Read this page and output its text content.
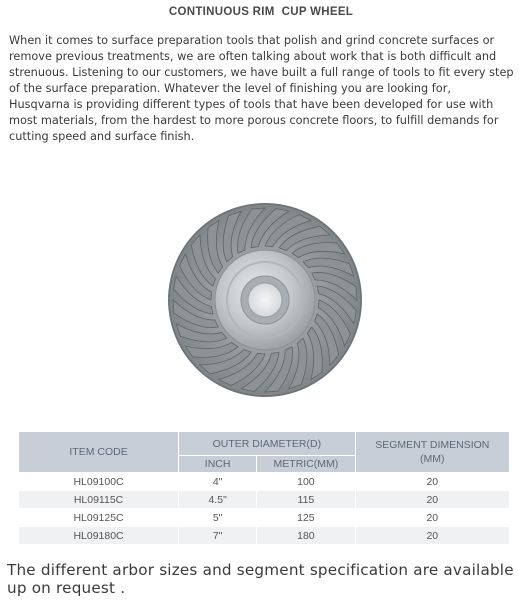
CONTINUOUS RIM  CUP WHEEL
When it comes to surface preparation tools that polish and grind concrete surfaces or remove previous treatments, we are often talking about work that is both difficult and strenuous. Listening to our customers, we have built a full range of tools to fit every step of the surface preparation. Whatever the level of finishing you are looking for, Husqvarna is providing different types of tools that have been developed for use with most materials, from the hardest to more porous concrete floors, to fulfill demands for cutting speed and surface finish.
ITEM CODE	OUTER DIAMETER(D)		SEGMENT DIMENSION
(MM)
	INCH	METRIC(MM)	
HL09100C	4"	100	20
HL09115C	4.5"	115	20
HL09125C	5"	125	20
HL09180C	7"	180	20
The different arbor sizes and segment specification are available up on request .
